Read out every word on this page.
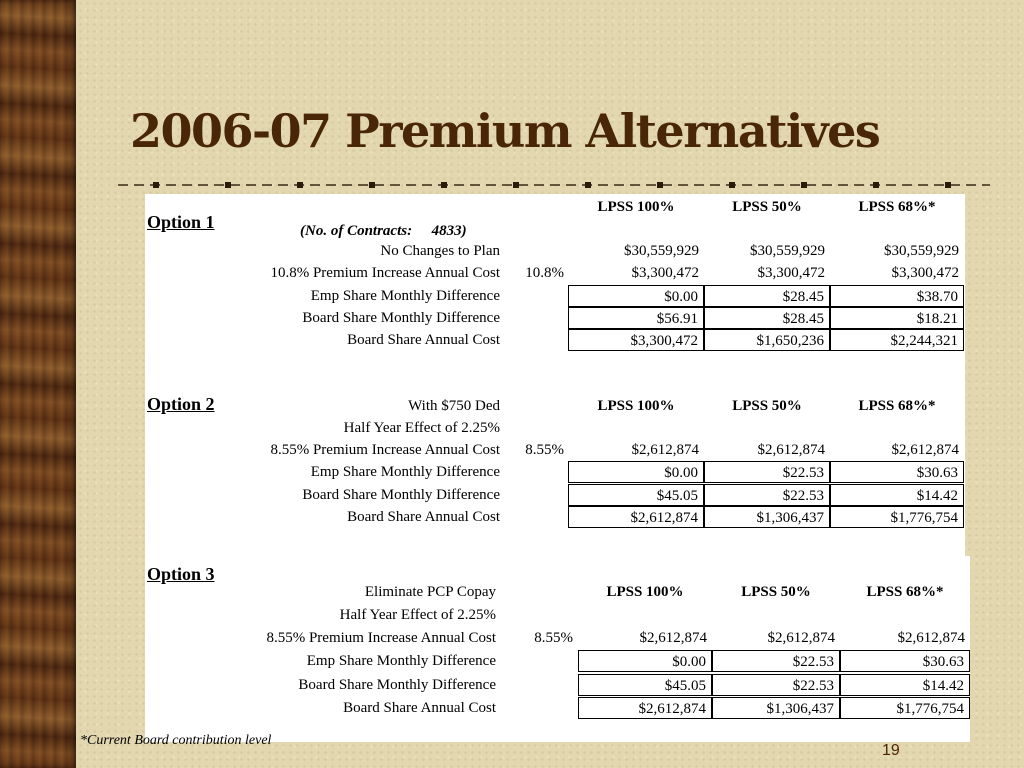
2006-07 Premium Alternatives
Option 1	(No. of Contracts: 4833)
LPSS 100%	LPSS 50%	LPSS 68%*
No Changes to Plan	$30,559,929	$30,559,929	$30,559,929
10.8% Premium Increase Annual Cost 10.8%	$3,300,472	$3,300,472	$3,300,472
Emp Share Monthly Difference	$0.00	$28.45	$38.70
Board Share Monthly Difference	$56.91	$28.45	$18.21
Board Share Annual Cost	$3,300,472	$1,650,236	$2,244,321
Option 2	LPSS 100%	LPSS 50%	LPSS 68%*
With $750 Ded
Half Year Effect of 2.25%
8.55% Premium Increase Annual Cost 8.55%	$2,612,874	$2,612,874	$2,612,874
Emp Share Monthly Difference	$0.00	$22.53	$30.63
Board Share Monthly Difference	$45.05	$22.53	$14.42
Board Share Annual Cost	$2,612,874	$1,306,437	$1,776,754
Option 3
LPSS 100%	LPSS 50%	LPSS 68%*
Eliminate PCP Copay
Half Year Effect of 2.25%
8.55% Premium Increase Annual Cost	8.55%	$2,612,874	$2,612,874	$2,612,874
Emp Share Monthly Difference	$0.00	$22.53	$30.63
Board Share Monthly Difference	$45.05	$22.53	$14.42
Board Share Annual Cost	$2,612,874	$1,306,437	$1,776,754
*Current Board contribution level
19
